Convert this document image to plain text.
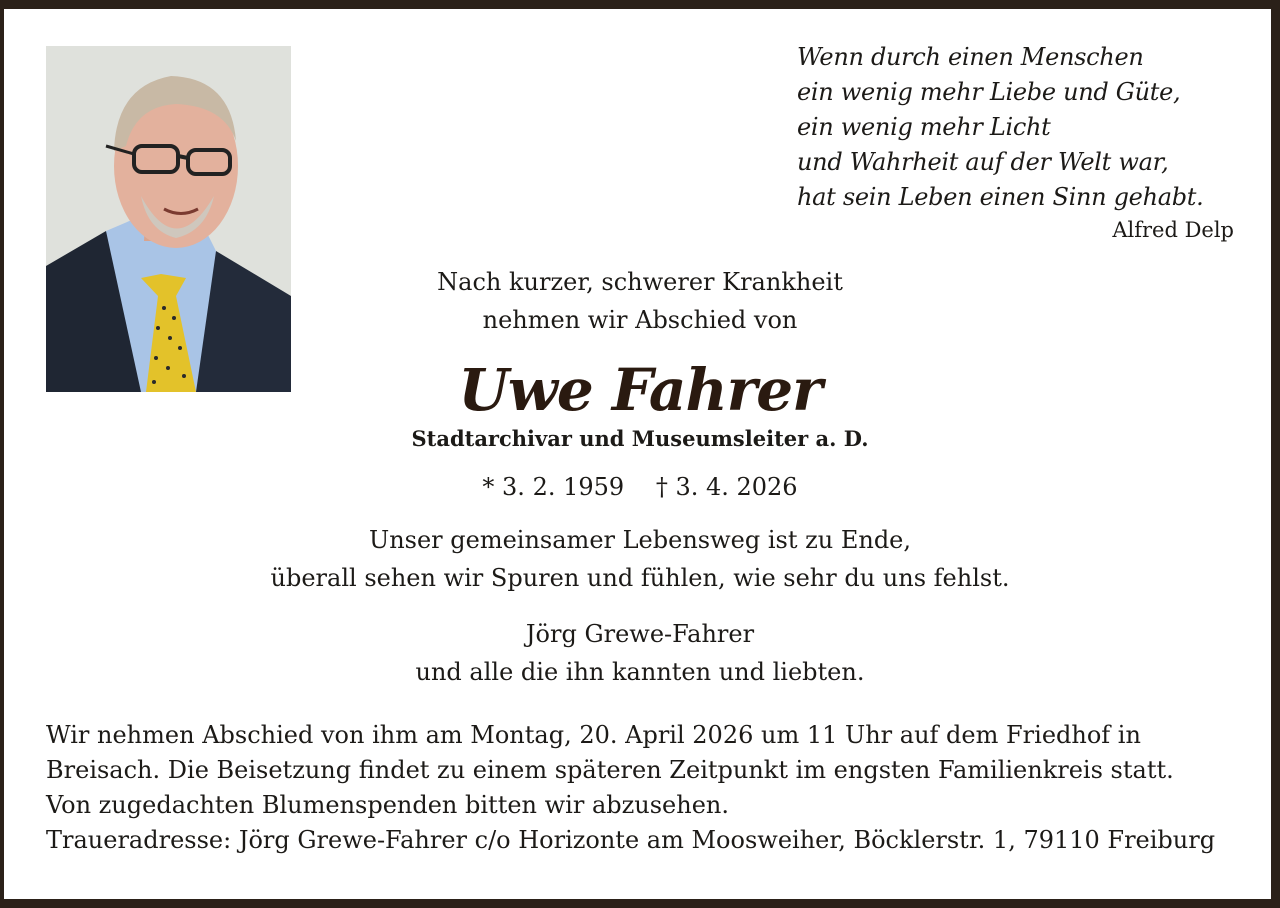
Wenn durch einen Menschen
ein wenig mehr Liebe und Güte,
ein wenig mehr Licht
und Wahrheit auf der Welt war,
hat sein Leben einen Sinn gehabt.
Alfred Delp
Nach kurzer, schwerer Krankheit
nehmen wir Abschied von
Uwe Fahrer
Stadtarchivar und Museumsleiter a. D.
* 3. 2. 1959 † 3. 4. 2026
Unser gemeinsamer Lebensweg ist zu Ende,
überall sehen wir Spuren und fühlen, wie sehr du uns fehlst.
Jörg Grewe-Fahrer
und alle die ihn kannten und liebten.
Wir nehmen Abschied von ihm am Montag, 20. April 2026 um 11 Uhr auf dem Friedhof in
Breisach. Die Beisetzung findet zu einem späteren Zeitpunkt im engsten Familienkreis statt.
Von zugedachten Blumenspenden bitten wir abzusehen.
Traueradresse: Jörg Grewe-Fahrer c/o Horizonte am Moosweiher, Böcklerstr. 1, 79110 Freiburg
